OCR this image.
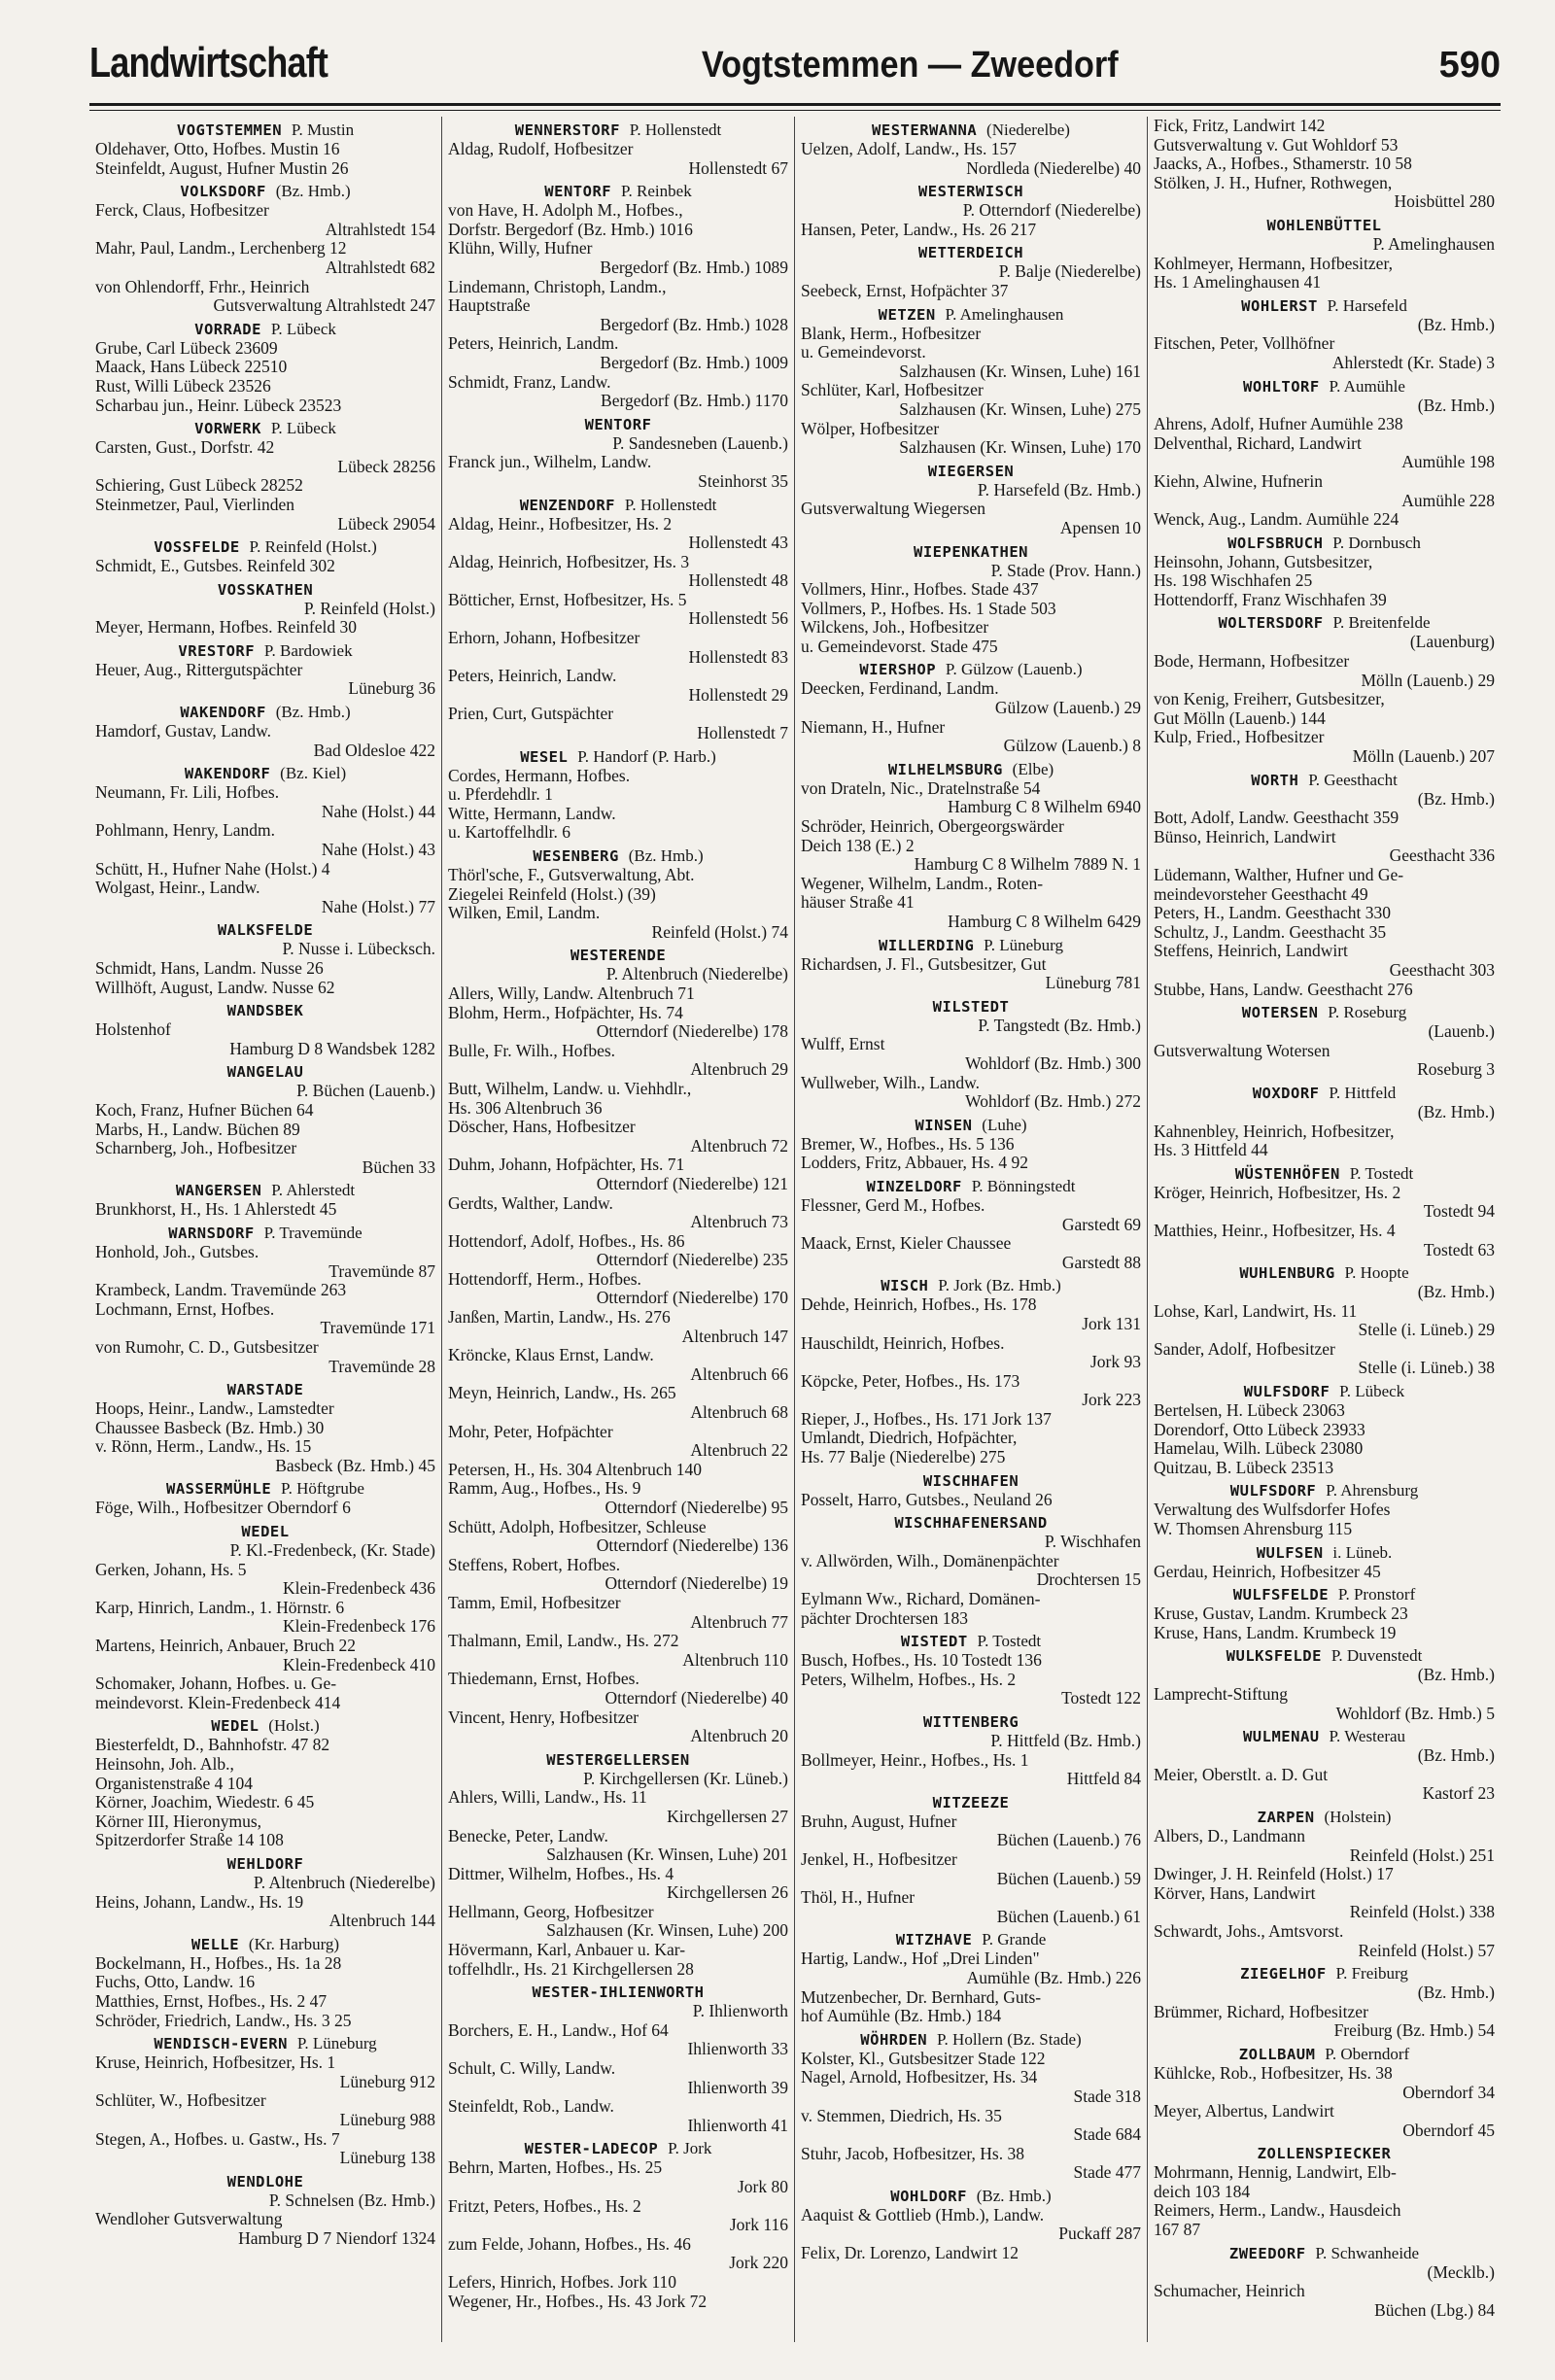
Landwirtschaft	Vogtstemmen — Zweedorf	590
VOGTSTEMMEN P. Mustin
Oldehaver, Otto, Hofbes. Mustin 16
Steinfeldt, August, Hufner Mustin 26
VOLKSDORF (Bz. Hmb.)
Ferck, Claus, Hofbesitzer
Altrahlstedt 154
Mahr, Paul, Landm., Lerchenberg 12
Altrahlstedt 682
von Ohlendorff, Frhr., Heinrich
Gutsverwaltung Altrahlstedt 247
VORRADE P. Lübeck
Grube, Carl Lübeck 23609
Maack, Hans Lübeck 22510
Rust, Willi Lübeck 23526
Scharbau jun., Heinr. Lübeck 23523
VORWERK P. Lübeck
Carsten, Gust., Dorfstr. 42
Lübeck 28256
Schiering, Gust Lübeck 28252
Steinmetzer, Paul, Vierlinden
Lübeck 29054
VOSSFELDE P. Reinfeld (Holst.)
Schmidt, E., Gutsbes. Reinfeld 302
VOSSKATHEN
P. Reinfeld (Holst.)
Meyer, Hermann, Hofbes. Reinfeld 30
VRESTORF P. Bardowiek
Heuer, Aug., Rittergutspächter
Lüneburg 36
WAKENDORF (Bz. Hmb.)
Hamdorf, Gustav, Landw.
Bad Oldesloe 422
WAKENDORF (Bz. Kiel)
Neumann, Fr. Lili, Hofbes.
Nahe (Holst.) 44
Pohlmann, Henry, Landm.
Nahe (Holst.) 43
Schütt, H., Hufner Nahe (Holst.) 4
Wolgast, Heinr., Landw.
Nahe (Holst.) 77
WALKSFELDE
P. Nusse i. Lübecksch.
Schmidt, Hans, Landm. Nusse 26
Willhöft, August, Landw. Nusse 62
WANDSBEK
Holstenhof
Hamburg D 8 Wandsbek 1282
WANGELAU
P. Büchen (Lauenb.)
Koch, Franz, Hufner Büchen 64
Marbs, H., Landw. Büchen 89
Scharnberg, Joh., Hofbesitzer
Büchen 33
WANGERSEN P. Ahlerstedt
Brunkhorst, H., Hs. 1 Ahlerstedt 45
WARNSDORF P. Travemünde
Honhold, Joh., Gutsbes.
Travemünde 87
Krambeck, Landm. Travemünde 263
Lochmann, Ernst, Hofbes.
Travemünde 171
von Rumohr, C. D., Gutsbesitzer
Travemünde 28
WARSTADE
Hoops, Heinr., Landw., Lamstedter
Chaussee Basbeck (Bz. Hmb.) 30
v. Rönn, Herm., Landw., Hs. 15
Basbeck (Bz. Hmb.) 45
WASSERMÜHLE P. Höftgrube
Föge, Wilh., Hofbesitzer Oberndorf 6
WEDEL
P. Kl.-Fredenbeck, (Kr. Stade)
Gerken, Johann, Hs. 5
Klein-Fredenbeck 436
Karp, Hinrich, Landm., 1. Hörnstr. 6
Klein-Fredenbeck 176
Martens, Heinrich, Anbauer, Bruch 22
Klein-Fredenbeck 410
Schomaker, Johann, Hofbes. u. Ge-
meindevorst. Klein-Fredenbeck 414
WEDEL (Holst.)
Biesterfeldt, D., Bahnhofstr. 47 82
Heinsohn, Joh. Alb.,
Organistenstraße 4 104
Körner, Joachim, Wiedestr. 6 45
Körner III, Hieronymus,
Spitzerdorfer Straße 14 108
WEHLDORF
P. Altenbruch (Niederelbe)
Heins, Johann, Landw., Hs. 19
Altenbruch 144
WELLE (Kr. Harburg)
Bockelmann, H., Hofbes., Hs. 1a 28
Fuchs, Otto, Landw. 16
Matthies, Ernst, Hofbes., Hs. 2 47
Schröder, Friedrich, Landw., Hs. 3 25
WENDISCH-EVERN P. Lüneburg
Kruse, Heinrich, Hofbesitzer, Hs. 1
Lüneburg 912
Schlüter, W., Hofbesitzer
Lüneburg 988
Stegen, A., Hofbes. u. Gastw., Hs. 7
Lüneburg 138
WENDLOHE
P. Schnelsen (Bz. Hmb.)
Wendloher Gutsverwaltung
Hamburg D 7 Niendorf 1324
WENNERSTORF P. Hollenstedt
Aldag, Rudolf, Hofbesitzer
Hollenstedt 67
WENTORF P. Reinbek
von Have, H. Adolph M., Hofbes.,
Dorfstr. Bergedorf (Bz. Hmb.) 1016
Klühn, Willy, Hufner
Bergedorf (Bz. Hmb.) 1089
Lindemann, Christoph, Landm.,
Hauptstraße
Bergedorf (Bz. Hmb.) 1028
Peters, Heinrich, Landm.
Bergedorf (Bz. Hmb.) 1009
Schmidt, Franz, Landw.
Bergedorf (Bz. Hmb.) 1170
WENTORF
P. Sandesneben (Lauenb.)
Franck jun., Wilhelm, Landw.
Steinhorst 35
WENZENDORF P. Hollenstedt
Aldag, Heinr., Hofbesitzer, Hs. 2
Hollenstedt 43
Aldag, Heinrich, Hofbesitzer, Hs. 3
Hollenstedt 48
Bötticher, Ernst, Hofbesitzer, Hs. 5
Hollenstedt 56
Erhorn, Johann, Hofbesitzer
Hollenstedt 83
Peters, Heinrich, Landw.
Hollenstedt 29
Prien, Curt, Gutspächter
Hollenstedt 7
WESEL P. Handorf (P. Harb.)
Cordes, Hermann, Hofbes.
u. Pferdehdlr. 1
Witte, Hermann, Landw.
u. Kartoffelhdlr. 6
WESENBERG (Bz. Hmb.)
Thörl'sche, F., Gutsverwaltung, Abt.
Ziegelei Reinfeld (Holst.) (39)
Wilken, Emil, Landm.
Reinfeld (Holst.) 74
WESTERENDE
P. Altenbruch (Niederelbe)
Allers, Willy, Landw. Altenbruch 71
Blohm, Herm., Hofpächter, Hs. 74
Otterndorf (Niederelbe) 178
Bulle, Fr. Wilh., Hofbes.
Altenbruch 29
Butt, Wilhelm, Landw. u. Viehhdlr.,
Hs. 306 Altenbruch 36
Döscher, Hans, Hofbesitzer
Altenbruch 72
Duhm, Johann, Hofpächter, Hs. 71
Otterndorf (Niederelbe) 121
Gerdts, Walther, Landw.
Altenbruch 73
Hottendorf, Adolf, Hofbes., Hs. 86
Otterndorf (Niederelbe) 235
Hottendorff, Herm., Hofbes.
Otterndorf (Niederelbe) 170
Janßen, Martin, Landw., Hs. 276
Altenbruch 147
Kröncke, Klaus Ernst, Landw.
Altenbruch 66
Meyn, Heinrich, Landw., Hs. 265
Altenbruch 68
Mohr, Peter, Hofpächter
Altenbruch 22
Petersen, H., Hs. 304 Altenbruch 140
Ramm, Aug., Hofbes., Hs. 9
Otterndorf (Niederelbe) 95
Schütt, Adolph, Hofbesitzer, Schleuse
Otterndorf (Niederelbe) 136
Steffens, Robert, Hofbes.
Otterndorf (Niederelbe) 19
Tamm, Emil, Hofbesitzer
Altenbruch 77
Thalmann, Emil, Landw., Hs. 272
Altenbruch 110
Thiedemann, Ernst, Hofbes.
Otterndorf (Niederelbe) 40
Vincent, Henry, Hofbesitzer
Altenbruch 20
WESTERGELLERSEN
P. Kirchgellersen (Kr. Lüneb.)
Ahlers, Willi, Landw., Hs. 11
Kirchgellersen 27
Benecke, Peter, Landw.
Salzhausen (Kr. Winsen, Luhe) 201
Dittmer, Wilhelm, Hofbes., Hs. 4
Kirchgellersen 26
Hellmann, Georg, Hofbesitzer
Salzhausen (Kr. Winsen, Luhe) 200
Hövermann, Karl, Anbauer u. Kar-
toffelhdlr., Hs. 21 Kirchgellersen 28
WESTER-IHLIENWORTH
P. Ihlienworth
Borchers, E. H., Landw., Hof 64
Ihlienworth 33
Schult, C. Willy, Landw.
Ihlienworth 39
Steinfeldt, Rob., Landw.
Ihlienworth 41
WESTER-LADECOP P. Jork
Behrn, Marten, Hofbes., Hs. 25
Jork 80
Fritzt, Peters, Hofbes., Hs. 2
Jork 116
zum Felde, Johann, Hofbes., Hs. 46
Jork 220
Lefers, Hinrich, Hofbes. Jork 110
Wegener, Hr., Hofbes., Hs. 43 Jork 72
WESTERWANNA (Niederelbe)
Uelzen, Adolf, Landw., Hs. 157
Nordleda (Niederelbe) 40
WESTERWISCH
P. Otterndorf (Niederelbe)
Hansen, Peter, Landw., Hs. 26 217
WETTERDEICH
P. Balje (Niederelbe)
Seebeck, Ernst, Hofpächter 37
WETZEN P. Amelinghausen
Blank, Herm., Hofbesitzer
u. Gemeindevorst.
Salzhausen (Kr. Winsen, Luhe) 161
Schlüter, Karl, Hofbesitzer
Salzhausen (Kr. Winsen, Luhe) 275
Wölper, Hofbesitzer
Salzhausen (Kr. Winsen, Luhe) 170
WIEGERSEN
P. Harsefeld (Bz. Hmb.)
Gutsverwaltung Wiegersen
Apensen 10
WIEPENKATHEN
P. Stade (Prov. Hann.)
Vollmers, Hinr., Hofbes. Stade 437
Vollmers, P., Hofbes. Hs. 1 Stade 503
Wilckens, Joh., Hofbesitzer
u. Gemeindevorst. Stade 475
WIERSHOP P. Gülzow (Lauenb.)
Deecken, Ferdinand, Landm.
Gülzow (Lauenb.) 29
Niemann, H., Hufner
Gülzow (Lauenb.) 8
WILHELMSBURG (Elbe)
von Drateln, Nic., Dratelnstraße 54
Hamburg C 8 Wilhelm 6940
Schröder, Heinrich, Obergeorgswärder
Deich 138 (E.) 2
Hamburg C 8 Wilhelm 7889 N. 1
Wegener, Wilhelm, Landm., Roten-
häuser Straße 41
Hamburg C 8 Wilhelm 6429
WILLERDING P. Lüneburg
Richardsen, J. Fl., Gutsbesitzer, Gut
Lüneburg 781
WILSTEDT
P. Tangstedt (Bz. Hmb.)
Wulff, Ernst
Wohldorf (Bz. Hmb.) 300
Wullweber, Wilh., Landw.
Wohldorf (Bz. Hmb.) 272
WINSEN (Luhe)
Bremer, W., Hofbes., Hs. 5 136
Lodders, Fritz, Abbauer, Hs. 4 92
WINZELDORF P. Bönningstedt
Flessner, Gerd M., Hofbes.
Garstedt 69
Maack, Ernst, Kieler Chaussee
Garstedt 88
WISCH P. Jork (Bz. Hmb.)
Dehde, Heinrich, Hofbes., Hs. 178
Jork 131
Hauschildt, Heinrich, Hofbes.
Jork 93
Köpcke, Peter, Hofbes., Hs. 173
Jork 223
Rieper, J., Hofbes., Hs. 171 Jork 137
Umlandt, Diedrich, Hofpächter,
Hs. 77 Balje (Niederelbe) 275
WISCHHAFEN
Posselt, Harro, Gutsbes., Neuland 26
WISCHHAFENERSAND
P. Wischhafen
v. Allwörden, Wilh., Domänenpächter
Drochtersen 15
Eylmann Ww., Richard, Domänen-
pächter Drochtersen 183
WISTEDT P. Tostedt
Busch, Hofbes., Hs. 10 Tostedt 136
Peters, Wilhelm, Hofbes., Hs. 2
Tostedt 122
WITTENBERG
P. Hittfeld (Bz. Hmb.)
Bollmeyer, Heinr., Hofbes., Hs. 1
Hittfeld 84
WITZEEZE
Bruhn, August, Hufner
Büchen (Lauenb.) 76
Jenkel, H., Hofbesitzer
Büchen (Lauenb.) 59
Thöl, H., Hufner
Büchen (Lauenb.) 61
WITZHAVE P. Grande
Hartig, Landw., Hof „Drei Linden"
Aumühle (Bz. Hmb.) 226
Mutzenbecher, Dr. Bernhard, Guts-
hof Aumühle (Bz. Hmb.) 184
WÖHRDEN P. Hollern (Bz. Stade)
Kolster, Kl., Gutsbesitzer Stade 122
Nagel, Arnold, Hofbesitzer, Hs. 34
Stade 318
v. Stemmen, Diedrich, Hs. 35
Stade 684
Stuhr, Jacob, Hofbesitzer, Hs. 38
Stade 477
WOHLDORF (Bz. Hmb.)
Aaquist & Gottlieb (Hmb.), Landw.
Puckaff 287
Felix, Dr. Lorenzo, Landwirt 12
Fick, Fritz, Landwirt 142
Gutsverwaltung v. Gut Wohldorf 53
Jaacks, A., Hofbes., Sthamerstr. 10 58
Stölken, J. H., Hufner, Rothwegen,
Hoisbüttel 280
WOHLENBÜTTEL
P. Amelinghausen
Kohlmeyer, Hermann, Hofbesitzer,
Hs. 1 Amelinghausen 41
WOHLERST P. Harsefeld
(Bz. Hmb.)
Fitschen, Peter, Vollhöfner
Ahlerstedt (Kr. Stade) 3
WOHLTORF P. Aumühle
(Bz. Hmb.)
Ahrens, Adolf, Hufner Aumühle 238
Delventhal, Richard, Landwirt
Aumühle 198
Kiehn, Alwine, Hufnerin
Aumühle 228
Wenck, Aug., Landm. Aumühle 224
WOLFSBRUCH P. Dornbusch
Heinsohn, Johann, Gutsbesitzer,
Hs. 198 Wischhafen 25
Hottendorff, Franz Wischhafen 39
WOLTERSDORF P. Breitenfelde
(Lauenburg)
Bode, Hermann, Hofbesitzer
Mölln (Lauenb.) 29
von Kenig, Freiherr, Gutsbesitzer,
Gut Mölln (Lauenb.) 144
Kulp, Fried., Hofbesitzer
Mölln (Lauenb.) 207
WORTH P. Geesthacht
(Bz. Hmb.)
Bott, Adolf, Landw. Geesthacht 359
Bünso, Heinrich, Landwirt
Geesthacht 336
Lüdemann, Walther, Hufner und Ge-
meindevorsteher Geesthacht 49
Peters, H., Landm. Geesthacht 330
Schultz, J., Landm. Geesthacht 35
Steffens, Heinrich, Landwirt
Geesthacht 303
Stubbe, Hans, Landw. Geesthacht 276
WOTERSEN P. Roseburg
(Lauenb.)
Gutsverwaltung Wotersen
Roseburg 3
WOXDORF P. Hittfeld
(Bz. Hmb.)
Kahnenbley, Heinrich, Hofbesitzer,
Hs. 3 Hittfeld 44
WÜSTENHÖFEN P. Tostedt
Kröger, Heinrich, Hofbesitzer, Hs. 2
Tostedt 94
Matthies, Heinr., Hofbesitzer, Hs. 4
Tostedt 63
WUHLENBURG P. Hoopte
(Bz. Hmb.)
Lohse, Karl, Landwirt, Hs. 11
Stelle (i. Lüneb.) 29
Sander, Adolf, Hofbesitzer
Stelle (i. Lüneb.) 38
WULFSDORF P. Lübeck
Bertelsen, H. Lübeck 23063
Dorendorf, Otto Lübeck 23933
Hamelau, Wilh. Lübeck 23080
Quitzau, B. Lübeck 23513
WULFSDORF P. Ahrensburg
Verwaltung des Wulfsdorfer Hofes
W. Thomsen Ahrensburg 115
WULFSEN i. Lüneb.
Gerdau, Heinrich, Hofbesitzer 45
WULFSFELDE P. Pronstorf
Kruse, Gustav, Landm. Krumbeck 23
Kruse, Hans, Landm. Krumbeck 19
WULKSFELDE P. Duvenstedt
(Bz. Hmb.)
Lamprecht-Stiftung
Wohldorf (Bz. Hmb.) 5
WULMENAU P. Westerau
(Bz. Hmb.)
Meier, Oberstlt. a. D. Gut
Kastorf 23
ZARPEN (Holstein)
Albers, D., Landmann
Reinfeld (Holst.) 251
Dwinger, J. H. Reinfeld (Holst.) 17
Körver, Hans, Landwirt
Reinfeld (Holst.) 338
Schwardt, Johs., Amtsvorst.
Reinfeld (Holst.) 57
ZIEGELHOF P. Freiburg
(Bz. Hmb.)
Brümmer, Richard, Hofbesitzer
Freiburg (Bz. Hmb.) 54
ZOLLBAUM P. Oberndorf
Kühlcke, Rob., Hofbesitzer, Hs. 38
Oberndorf 34
Meyer, Albertus, Landwirt
Oberndorf 45
ZOLLENSPIECKER
Mohrmann, Hennig, Landwirt, Elb-
deich 103 184
Reimers, Herm., Landw., Hausdeich
167 87
ZWEEDORF P. Schwanheide
(Mecklb.)
Schumacher, Heinrich
Büchen (Lbg.) 84
